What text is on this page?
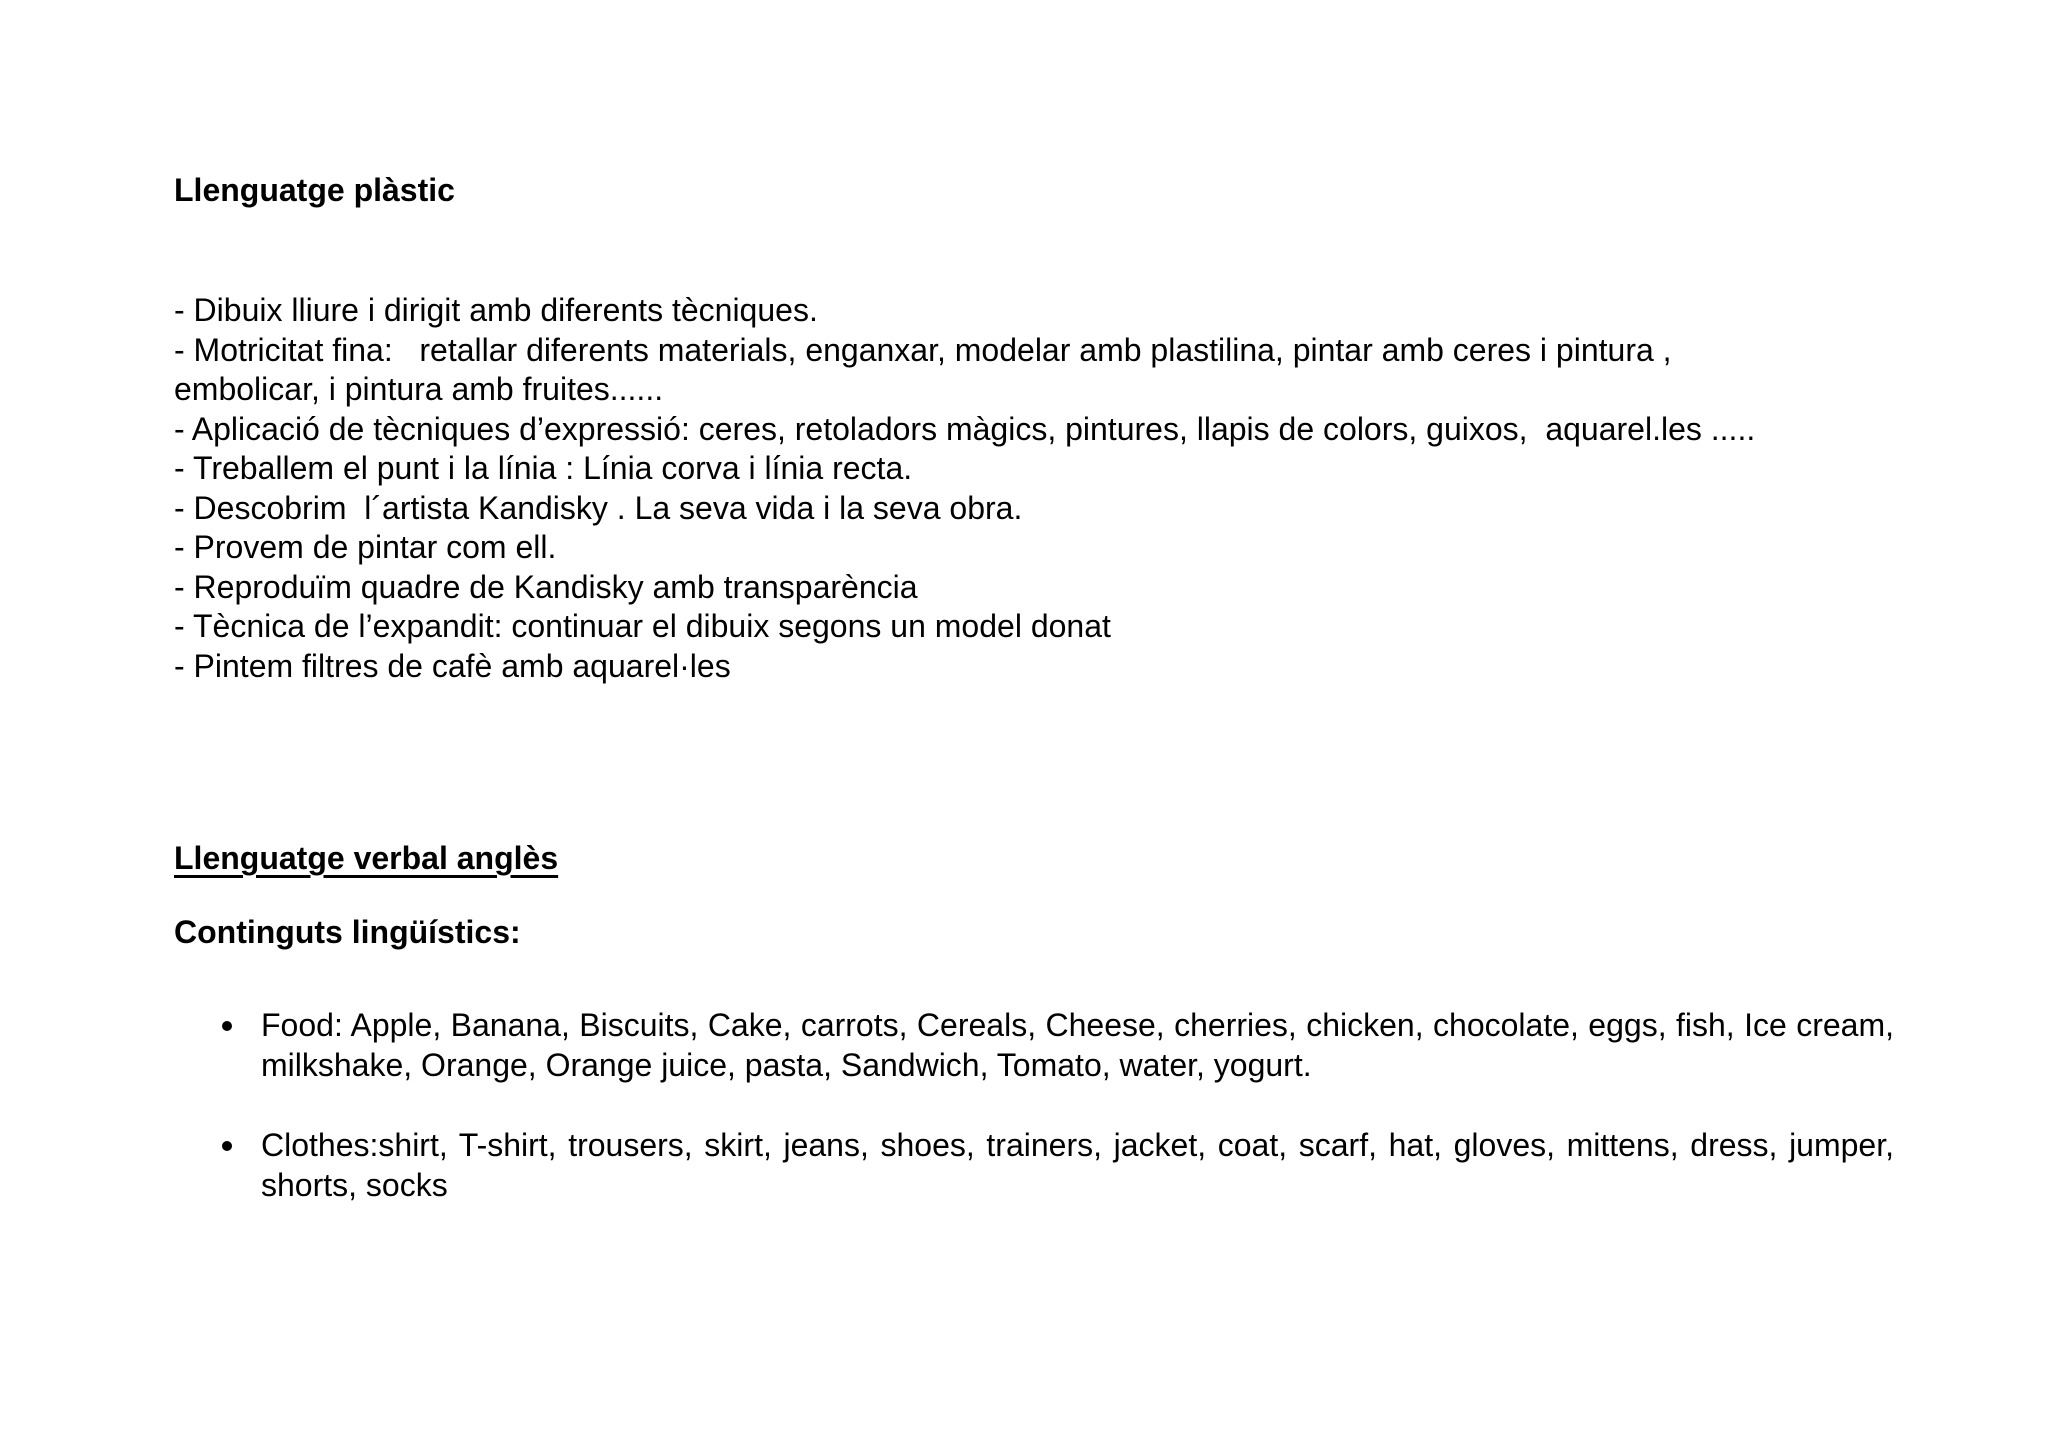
Llenguatge plàstic
- Dibuix lliure i dirigit amb diferents tècniques.
- Motricitat fina:   retallar diferents materials, enganxar, modelar amb plastilina, pintar amb ceres i pintura , embolicar, i pintura amb fruites......
- Aplicació de tècniques d’expressió: ceres, retoladors màgics, pintures, llapis de colors, guixos,  aquarel.les .....
- Treballem el punt i la línia : Línia corva i línia recta.
- Descobrim  l´artista Kandisky . La seva vida i la seva obra.
- Provem de pintar com ell.
- Reproduïm quadre de Kandisky amb transparència
- Tècnica de l’expandit: continuar el dibuix segons un model donat
- Pintem filtres de cafè amb aquarel·les
Llenguatge verbal anglès
Continguts lingüístics:
Food: Apple, Banana, Biscuits, Cake, carrots, Cereals, Cheese, cherries, chicken, chocolate, eggs, fish, Ice cream, milkshake, Orange, Orange juice, pasta, Sandwich, Tomato, water, yogurt.
Clothes:shirt, T-shirt, trousers, skirt, jeans, shoes, trainers, jacket, coat, scarf, hat, gloves, mittens, dress, jumper, shorts, socks
